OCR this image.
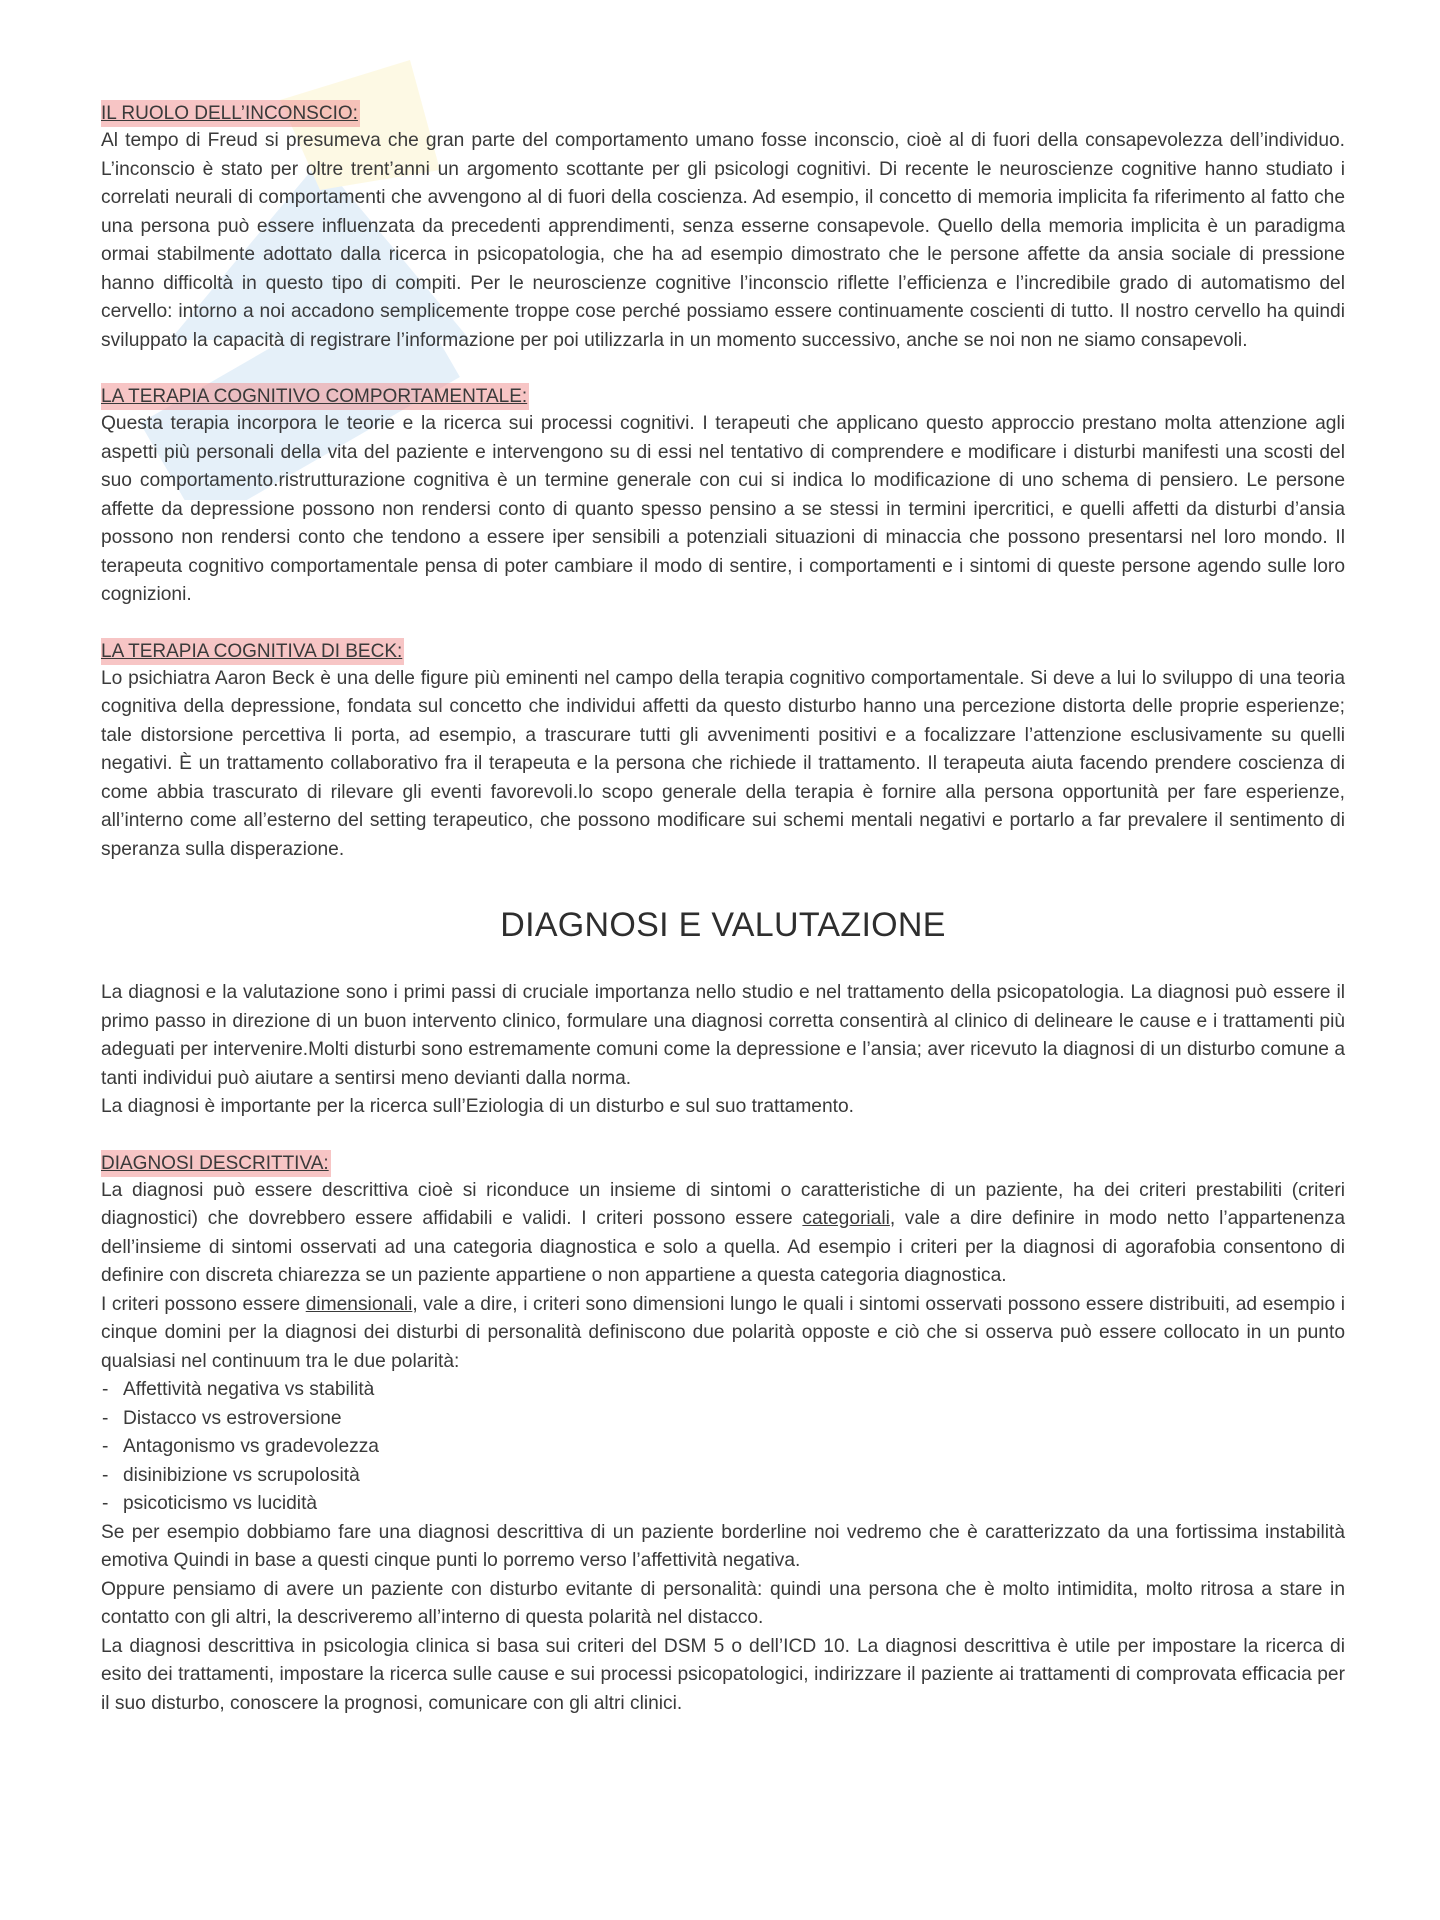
IL RUOLO DELL’INCONSCIO:

Al tempo di Freud si presumeva che gran parte del comportamento umano fosse inconscio, cioè al di fuori della consapevolezza dell’individuo. L’inconscio è stato per oltre trent’anni un argomento scottante per gli psicologi cognitivi. Di recente le neuroscienze cognitive hanno studiato i correlati neurali di comportamenti che avvengono al di fuori della coscienza. Ad esempio, il concetto di memoria implicita fa riferimento al fatto che una persona può essere influenzata da precedenti apprendimenti, senza esserne consapevole. Quello della memoria implicita è un paradigma ormai stabilmente adottato dalla ricerca in psicopatologia, che ha ad esempio dimostrato che le persone affette da ansia sociale di pressione hanno difficoltà in questo tipo di compiti. Per le neuroscienze cognitive l’inconscio riflette l’efficienza e l’incredibile grado di automatismo del cervello: intorno a noi accadono semplicemente troppe cose perché possiamo essere continuamente coscienti di tutto. Il nostro cervello ha quindi sviluppato la capacità di registrare l’informazione per poi utilizzarla in un momento successivo, anche se noi non ne siamo consapevoli.

LA TERAPIA COGNITIVO COMPORTAMENTALE:

Questa terapia incorpora le teorie e la ricerca sui processi cognitivi. I terapeuti che applicano questo approccio prestano molta attenzione agli aspetti più personali della vita del paziente e intervengono su di essi nel tentativo di comprendere e modificare i disturbi manifesti una scosti del suo comportamento.ristrutturazione cognitiva è un termine generale con cui si indica lo modificazione di uno schema di pensiero. Le persone affette da depressione possono non rendersi conto di quanto spesso pensino a se stessi in termini ipercritici, e quelli affetti da disturbi d’ansia possono non rendersi conto che tendono a essere iper sensibili a potenziali situazioni di minaccia che possono presentarsi nel loro mondo. Il terapeuta cognitivo comportamentale pensa di poter cambiare il modo di sentire, i comportamenti e i sintomi di queste persone agendo sulle loro cognizioni.

LA TERAPIA COGNITIVA DI BECK:

Lo psichiatra Aaron Beck è una delle figure più eminenti nel campo della terapia cognitivo comportamentale. Si deve a lui lo sviluppo di una teoria cognitiva della depressione, fondata sul concetto che individui affetti da questo disturbo hanno una percezione distorta delle proprie esperienze; tale distorsione percettiva li porta, ad esempio, a trascurare tutti gli avvenimenti positivi e a focalizzare l’attenzione esclusivamente su quelli negativi. È un trattamento collaborativo fra il terapeuta e la persona che richiede il trattamento. Il terapeuta aiuta facendo prendere coscienza di come abbia trascurato di rilevare gli eventi favorevoli.lo scopo generale della terapia è fornire alla persona opportunità per fare esperienze, all’interno come all’esterno del setting terapeutico, che possono modificare sui schemi mentali negativi e portarlo a far prevalere il sentimento di speranza sulla disperazione.

DIAGNOSI E VALUTAZIONE

La diagnosi e la valutazione sono i primi passi di cruciale importanza nello studio e nel trattamento della psicopatologia. La diagnosi può essere il primo passo in direzione di un buon intervento clinico, formulare una diagnosi corretta consentirà al clinico di delineare le cause e i trattamenti più adeguati per intervenire.Molti disturbi sono estremamente comuni come la depressione e l’ansia; aver ricevuto la diagnosi di un disturbo comune a tanti individui può aiutare a sentirsi meno devianti dalla norma.

La diagnosi è importante per la ricerca sull’Eziologia di un disturbo e sul suo trattamento.

DIAGNOSI DESCRITTIVA:

La diagnosi può essere descrittiva cioè si riconduce un insieme di sintomi o caratteristiche di un paziente, ha dei criteri prestabiliti (criteri diagnostici) che dovrebbero essere affidabili e validi. I criteri possono essere categoriali, vale a dire definire in modo netto l’appartenenza dell’insieme di sintomi osservati ad una categoria diagnostica e solo a quella. Ad esempio i criteri per la diagnosi di agorafobia consentono di definire con discreta chiarezza se un paziente appartiene o non appartiene a questa categoria diagnostica.

I criteri possono essere dimensionali, vale a dire, i criteri sono dimensioni lungo le quali i sintomi osservati possono essere distribuiti, ad esempio i cinque domini per la diagnosi dei disturbi di personalità definiscono due polarità opposte e ciò che si osserva può essere collocato in un punto qualsiasi nel continuum tra le due polarità:

- Affettività negativa vs stabilità
- Distacco vs estroversione
- Antagonismo vs gradevolezza
- disinibizione vs scrupolosità
- psicoticismo vs lucidità

Se per esempio dobbiamo fare una diagnosi descrittiva di un paziente borderline noi vedremo che è caratterizzato da una fortissima instabilità emotiva Quindi in base a questi cinque punti lo porremo verso l’affettività negativa.

Oppure pensiamo di avere un paziente con disturbo evitante di personalità: quindi una persona che è molto intimidita, molto ritrosa a stare in contatto con gli altri, la descriveremo all’interno di questa polarità nel distacco.

La diagnosi descrittiva in psicologia clinica si basa sui criteri del DSM 5 o dell’ICD 10. La diagnosi descrittiva è utile per impostare la ricerca di esito dei trattamenti, impostare la ricerca sulle cause e sui processi psicopatologici, indirizzare il paziente ai trattamenti di comprovata efficacia per il suo disturbo, conoscere la prognosi, comunicare con gli altri clinici.
